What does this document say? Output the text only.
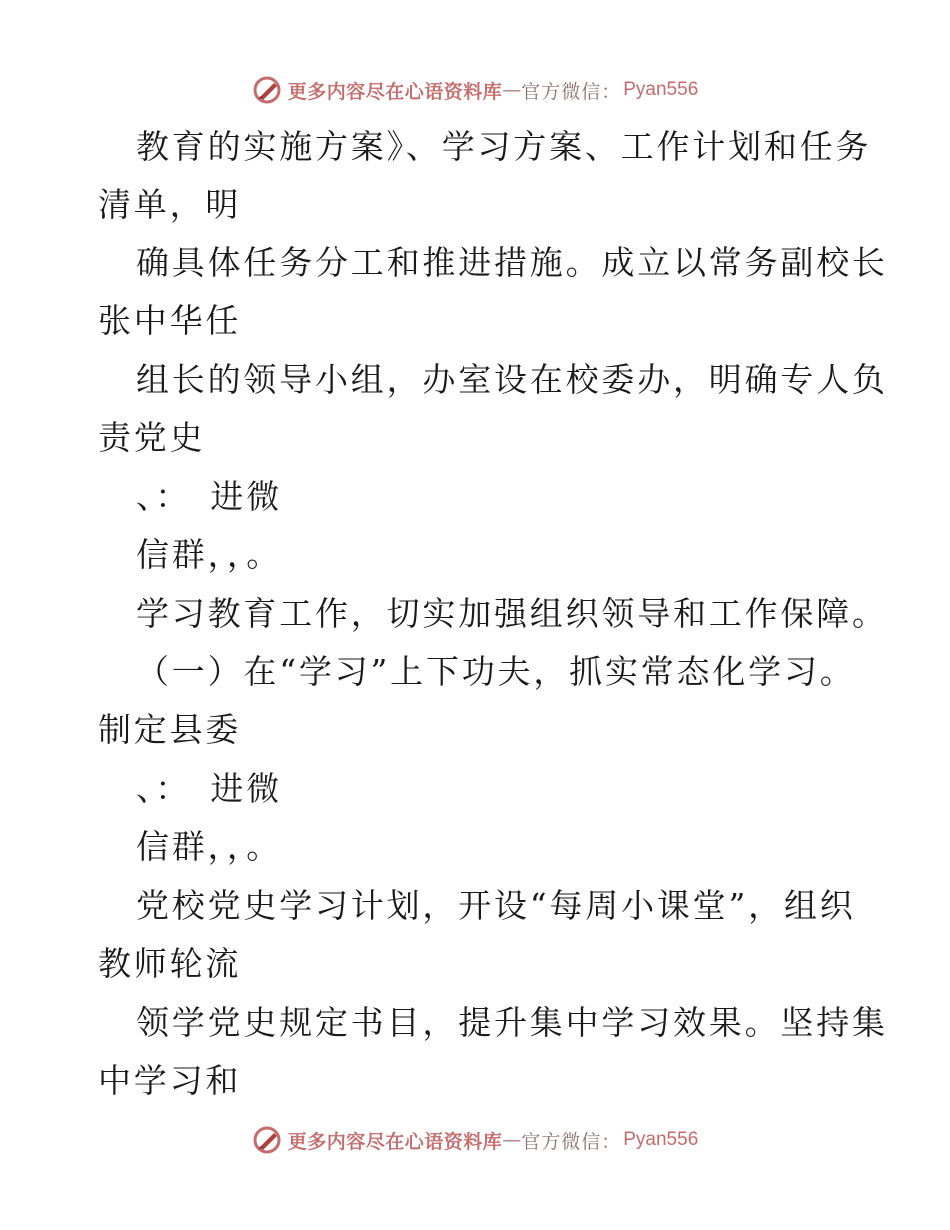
更多内容尽在心语资料库 — 官方微信： Pyan556
教育的实施方案》、学习方案、工作计划和任务
清单，明
确具体任务分工和推进措施。成立以常务副校长
张中华任
组长的领导小组，办室设在校委办，明确专人负
责党史
、：　进微
信群，，。
学习教育工作，切实加强组织领导和工作保障。
（一）在“学习”上下功夫，抓实常态化学习。
制定县委
、：　进微
信群，，。
党校党史学习计划，开设“每周小课堂”，组织
教师轮流
领学党史规定书目，提升集中学习效果。坚持集
中学习和
更多内容尽在心语资料库 — 官方微信： Pyan556
